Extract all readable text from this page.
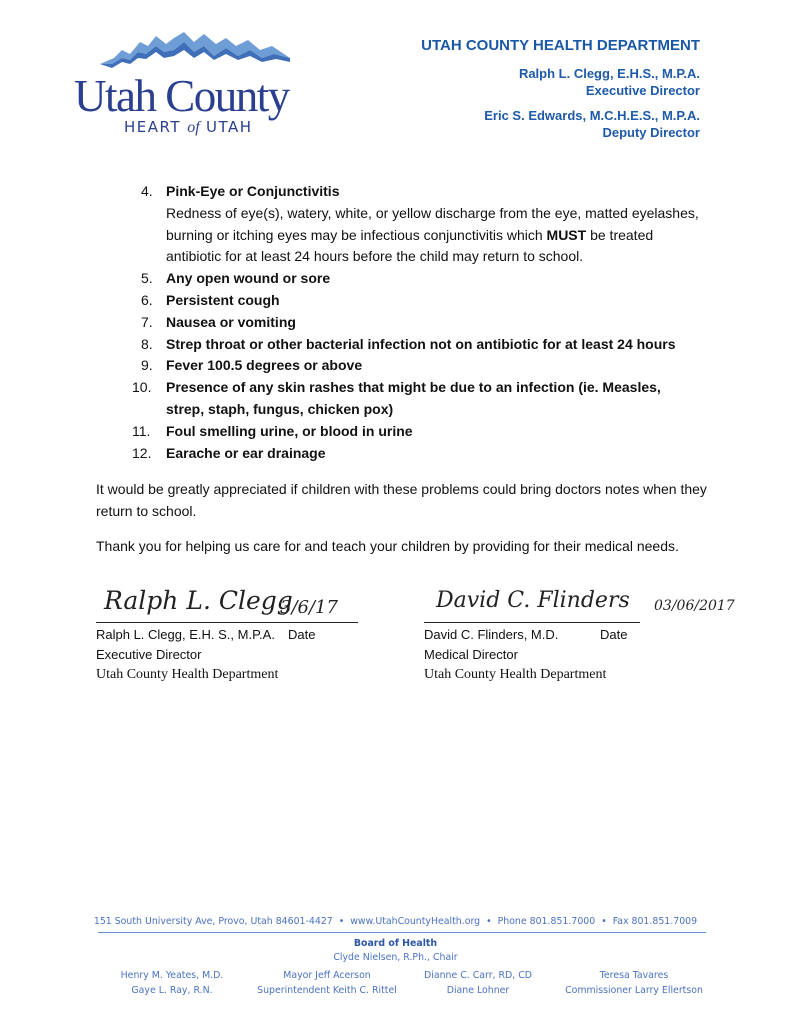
Utah County
HEART of UTAH
UTAH COUNTY HEALTH DEPARTMENT
Ralph L. Clegg, E.H.S., M.P.A.
Executive Director
Eric S. Edwards, M.C.H.E.S., M.P.A.
Deputy Director
4. Pink-Eye or Conjunctivitis
Redness of eye(s), watery, white, or yellow discharge from the eye, matted eyelashes, burning or itching eyes may be infectious conjunctivitis which MUST be treated antibiotic for at least 24 hours before the child may return to school.
5. Any open wound or sore
6. Persistent cough
7. Nausea or vomiting
8. Strep throat or other bacterial infection not on antibiotic for at least 24 hours
9. Fever 100.5 degrees or above
10. Presence of any skin rashes that might be due to an infection (ie. Measles, strep, staph, fungus, chicken pox)
11. Foul smelling urine, or blood in urine
12. Earache or ear drainage
It would be greatly appreciated if children with these problems could bring doctors notes when they return to school.
Thank you for helping us care for and teach your children by providing for their medical needs.
Ralph L. Clegg
3/6/17
Ralph L. Clegg, E.H. S., M.P.A. Date
Executive Director
Utah County Health Department
David C. Flinders 03/06/2017
David C. Flinders, M.D.	Date
Medical Director
Utah County Health Department
151 South University Ave, Provo, Utah 84601-4427 • www.UtahCountyHealth.org • Phone 801.851.7000 • Fax 801.851.7009
Board of Health
Clyde Nielsen, R.Ph., Chair
Henry M. Yeates, M.D.
Gaye L. Ray, R.N.
Mayor Jeff Acerson
Superintendent Keith C. Rittel
Dianne C. Carr, RD, CD
Diane Lohner
Teresa Tavares
Commissioner Larry Ellertson
